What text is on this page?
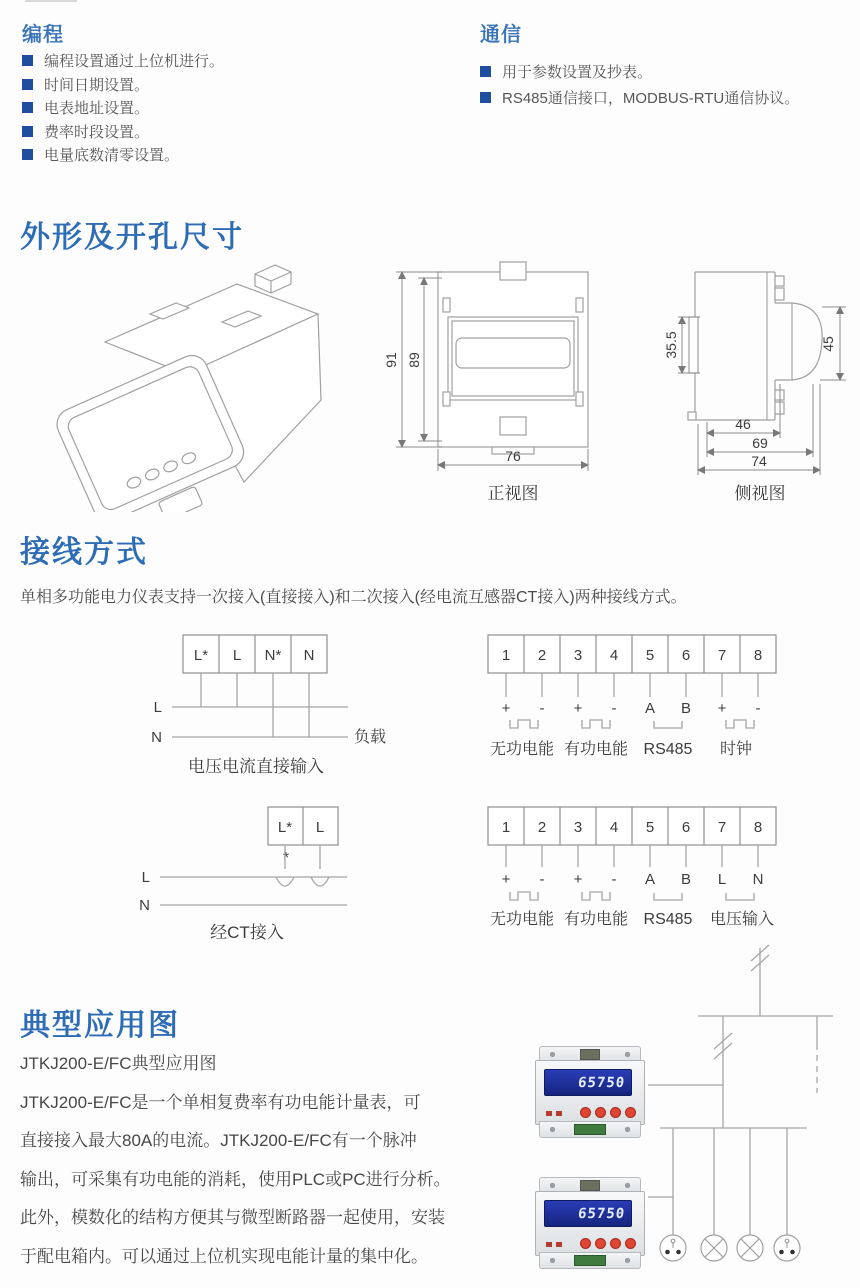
编程
编程设置通过上位机进行。
时间日期设置。
电表地址设置。
费率时段设置。
电量底数清零设置。
通信
用于参数设置及抄表。
RS485通信接口，MODBUS-RTU通信协议。
外形及开孔尺寸
91 89
76
正视图
35.5	45
46
69
74
侧视图
接线方式
单相多功能电力仪表支持一次接入(直接接入)和二次接入(经电流互感器CT接入)两种接线方式。
L* L N* N
L
N	负载
电压电流直接输入
1 2 3 4 5 6 7 8
+ - + - A B + -
无功电能 有功电能 RS485 时钟
L* L
*
L
N
经CT接入
1 2 3 4 5 6 7 8
+ - + - A B L N
无功电能 有功电能 RS485 电压输入
典型应用图
JTKJ200-E/FC典型应用图
JTKJ200-E/FC是一个单相复费率有功电能计量表，可
直接接入最大80A的电流。JTKJ200-E/FC有一个脉冲
输出，可采集有功电能的消耗，使用PLC或PC进行分析。
此外，模数化的结构方便其与微型断路器一起使用，安装
于配电箱内。可以通过上位机实现电能计量的集中化。
65750
65750
